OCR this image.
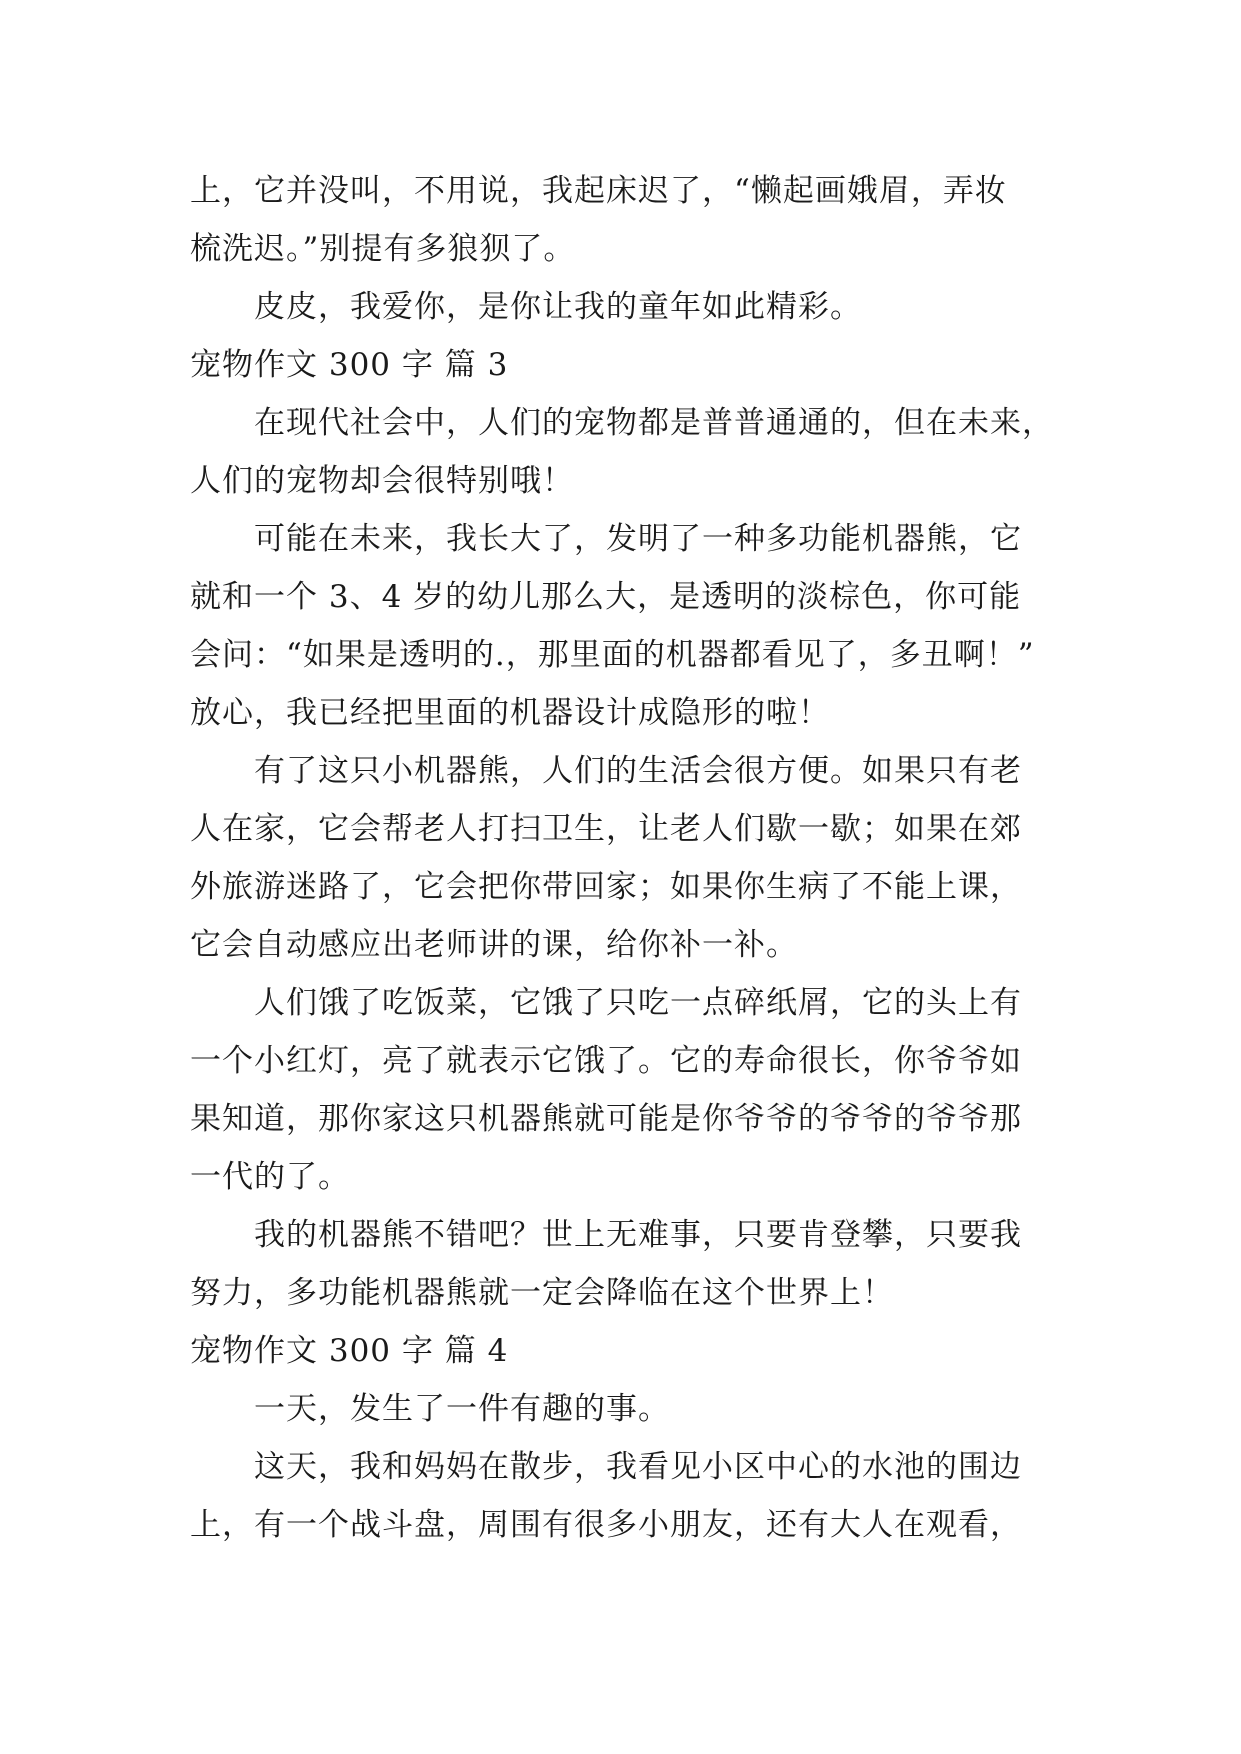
上，它并没叫，不用说，我起床迟了，“懒起画娥眉，弄妆
梳洗迟。”别提有多狼狈了。
皮皮，我爱你，是你让我的童年如此精彩。
宠物作文 300 字 篇 3
在现代社会中，人们的宠物都是普普通通的，但在未来，
人们的宠物却会很特别哦！
可能在未来，我长大了，发明了一种多功能机器熊，它
就和一个 3、4 岁的幼儿那么大，是透明的淡棕色，你可能
会问：“如果是透明的.，那里面的机器都看见了，多丑啊！”
放心，我已经把里面的机器设计成隐形的啦！
有了这只小机器熊，人们的生活会很方便。如果只有老
人在家，它会帮老人打扫卫生，让老人们歇一歇；如果在郊
外旅游迷路了，它会把你带回家；如果你生病了不能上课，
它会自动感应出老师讲的课，给你补一补。
人们饿了吃饭菜，它饿了只吃一点碎纸屑，它的头上有
一个小红灯，亮了就表示它饿了。它的寿命很长，你爷爷如
果知道，那你家这只机器熊就可能是你爷爷的爷爷的爷爷那
一代的了。
我的机器熊不错吧？世上无难事，只要肯登攀，只要我
努力，多功能机器熊就一定会降临在这个世界上！
宠物作文 300 字 篇 4
一天，发生了一件有趣的事。
这天，我和妈妈在散步，我看见小区中心的水池的围边
上，有一个战斗盘，周围有很多小朋友，还有大人在观看，
